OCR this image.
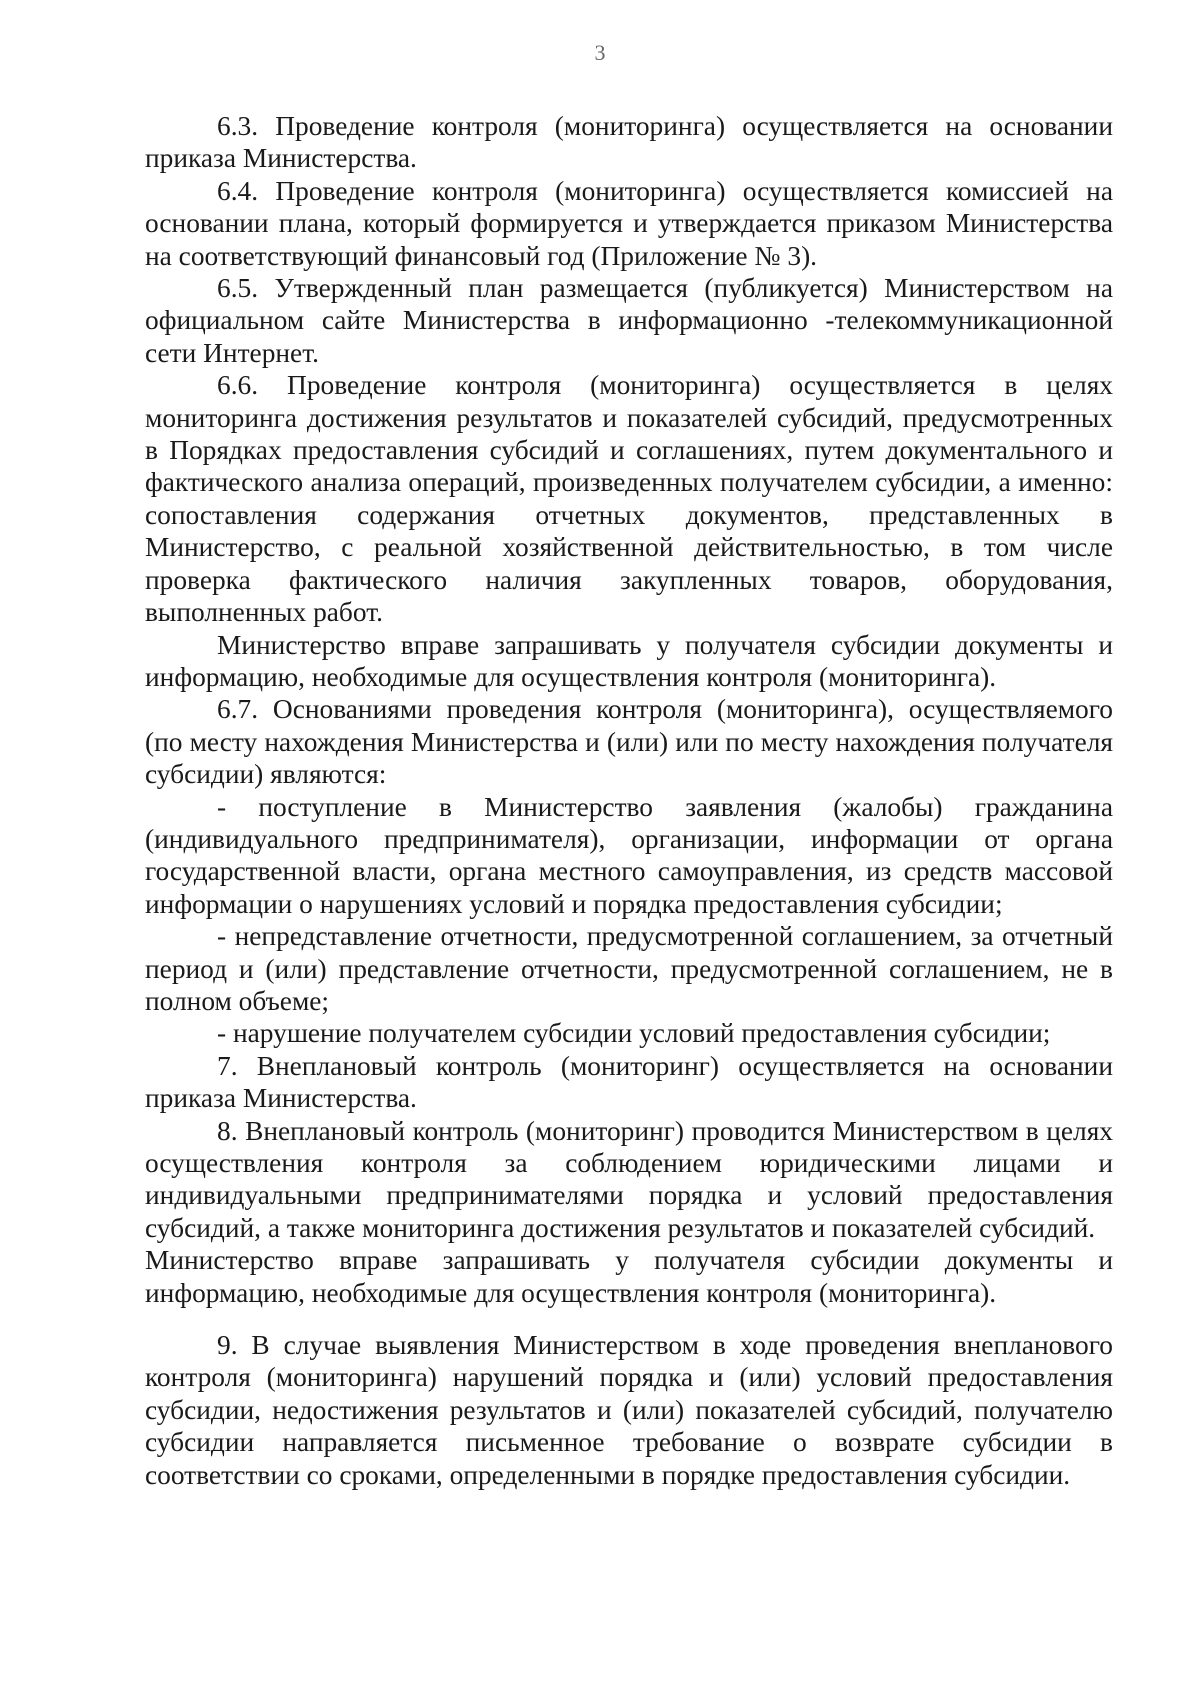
3

6.3. Проведение контроля (мониторинга) осуществляется на основании приказа Министерства.

6.4. Проведение контроля (мониторинга) осуществляется комиссией на основании плана, который формируется и утверждается приказом Министерства на соответствующий финансовый год (Приложение № 3).

6.5. Утвержденный план размещается (публикуется) Министерством на официальном сайте Министерства в информационно -телекоммуникационной сети Интернет.

6.6. Проведение контроля (мониторинга) осуществляется в целях мониторинга достижения результатов и показателей субсидий, предусмотренных в Порядках предоставления субсидий и соглашениях, путем документального и фактического анализа операций, произведенных получателем субсидии, а именно: сопоставления содержания отчетных документов, представленных в Министерство, с реальной хозяйственной действительностью, в том числе проверка фактического наличия закупленных товаров, оборудования, выполненных работ.

Министерство вправе запрашивать у получателя субсидии документы и информацию, необходимые для осуществления контроля (мониторинга).

6.7. Основаниями проведения контроля (мониторинга), осуществляемого (по месту нахождения Министерства и (или) или по месту нахождения получателя субсидии) являются:

- поступление в Министерство заявления (жалобы) гражданина (индивидуального предпринимателя), организации, информации от органа государственной власти, органа местного самоуправления, из средств массовой информации о нарушениях условий и порядка предоставления субсидии;

- непредставление отчетности, предусмотренной соглашением, за отчетный период и (или) представление отчетности, предусмотренной соглашением, не в полном объеме;

- нарушение получателем субсидии условий предоставления субсидии;

7. Внеплановый контроль (мониторинг) осуществляется на основании приказа Министерства.

8. Внеплановый контроль (мониторинг) проводится Министерством в целях осуществления контроля за соблюдением юридическими лицами и индивидуальными предпринимателями порядка и условий предоставления субсидий, а также мониторинга достижения результатов и показателей субсидий.

Министерство вправе запрашивать у получателя субсидии документы и информацию, необходимые для осуществления контроля (мониторинга).

9. В случае выявления Министерством в ходе проведения внепланового контроля (мониторинга) нарушений порядка и (или) условий предоставления субсидии, недостижения результатов и (или) показателей субсидий, получателю субсидии направляется письменное требование о возврате субсидии в соответствии со сроками, определенными в порядке предоставления субсидии.
